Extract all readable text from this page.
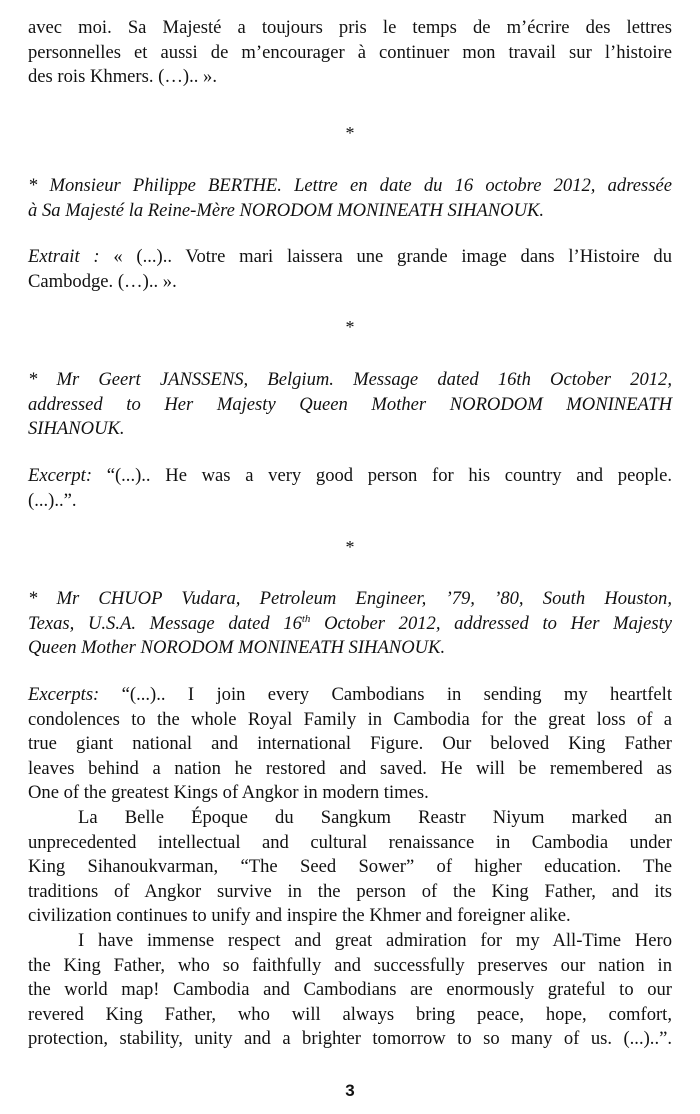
avec moi. Sa Majesté a toujours pris le temps de m’écrire des lettres
personnelles et aussi de m’encourager à continuer mon travail sur l’histoire
des rois Khmers. (…).. ».

*

* Monsieur Philippe BERTHE. Lettre en date du 16 octobre 2012, adressée
à Sa Majesté la Reine-Mère NORODOM MONINEATH SIHANOUK.

Extrait : « (...).. Votre mari laissera une grande image dans l’Histoire du
Cambodge. (…).. ».

*

* Mr Geert JANSSENS, Belgium. Message dated 16th October 2012,
addressed to Her Majesty Queen Mother NORODOM MONINEATH
SIHANOUK.

Excerpt: “(...).. He was a very good person for his country and people.
(...)..”.

*

* Mr CHUOP Vudara, Petroleum Engineer, ’79, ’80, South Houston,
Texas, U.S.A. Message dated 16th October 2012, addressed to Her Majesty
Queen Mother NORODOM MONINEATH SIHANOUK.

Excerpts: “(...).. I join every Cambodians in sending my heartfelt
condolences to the whole Royal Family in Cambodia for the great loss of a
true giant national and international Figure. Our beloved King Father
leaves behind a nation he restored and saved. He will be remembered as
One of the greatest Kings of Angkor in modern times.

La Belle Époque du Sangkum Reastr Niyum marked an
unprecedented intellectual and cultural renaissance in Cambodia under
King Sihanoukvarman, “The Seed Sower” of higher education. The
traditions of Angkor survive in the person of the King Father, and its
civilization continues to unify and inspire the Khmer and foreigner alike.

I have immense respect and great admiration for my All-Time Hero
the King Father, who so faithfully and successfully preserves our nation in
the world map! Cambodia and Cambodians are enormously grateful to our
revered King Father, who will always bring peace, hope, comfort,
protection, stability, unity and a brighter tomorrow to so many of us. (...)..”.

3
